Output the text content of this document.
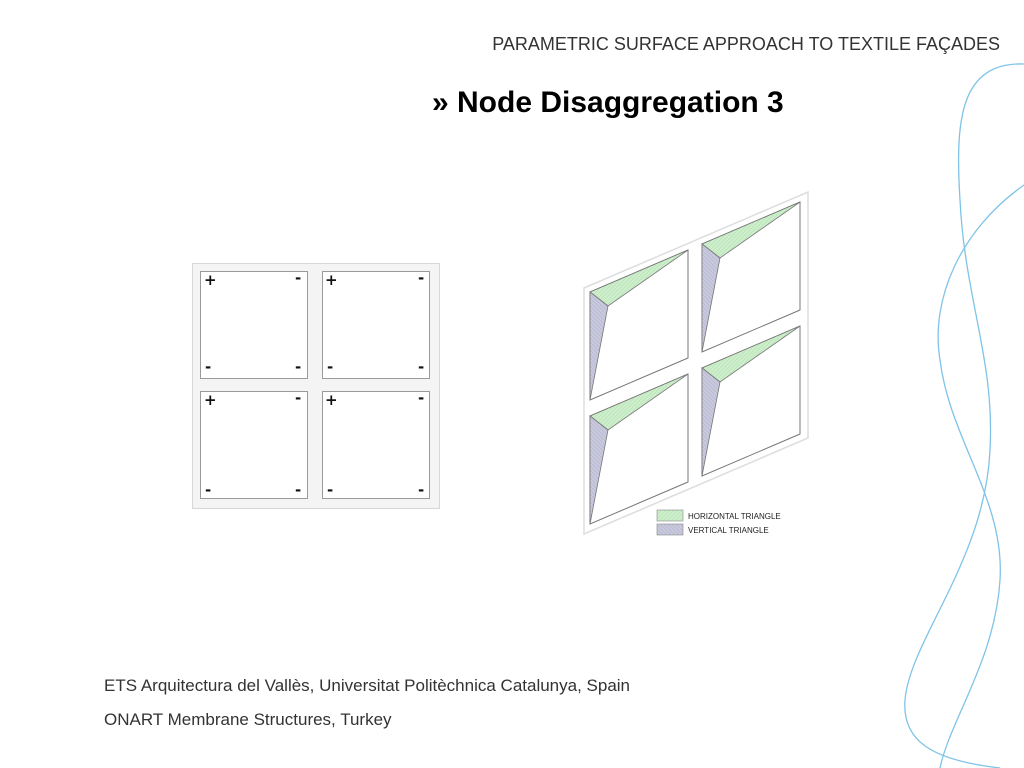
PARAMETRIC SURFACE APPROACH TO TEXTILE FAÇADES
» Node Disaggregation 3
+	-
-	-
+	-
-	-
+	-
-	-
+	-
-	-
HORIZONTAL TRIANGLE
VERTICAL TRIANGLE
ETS Arquitectura del Vallès, Universitat Politèchnica Catalunya, Spain
ONART Membrane Structures, Turkey
